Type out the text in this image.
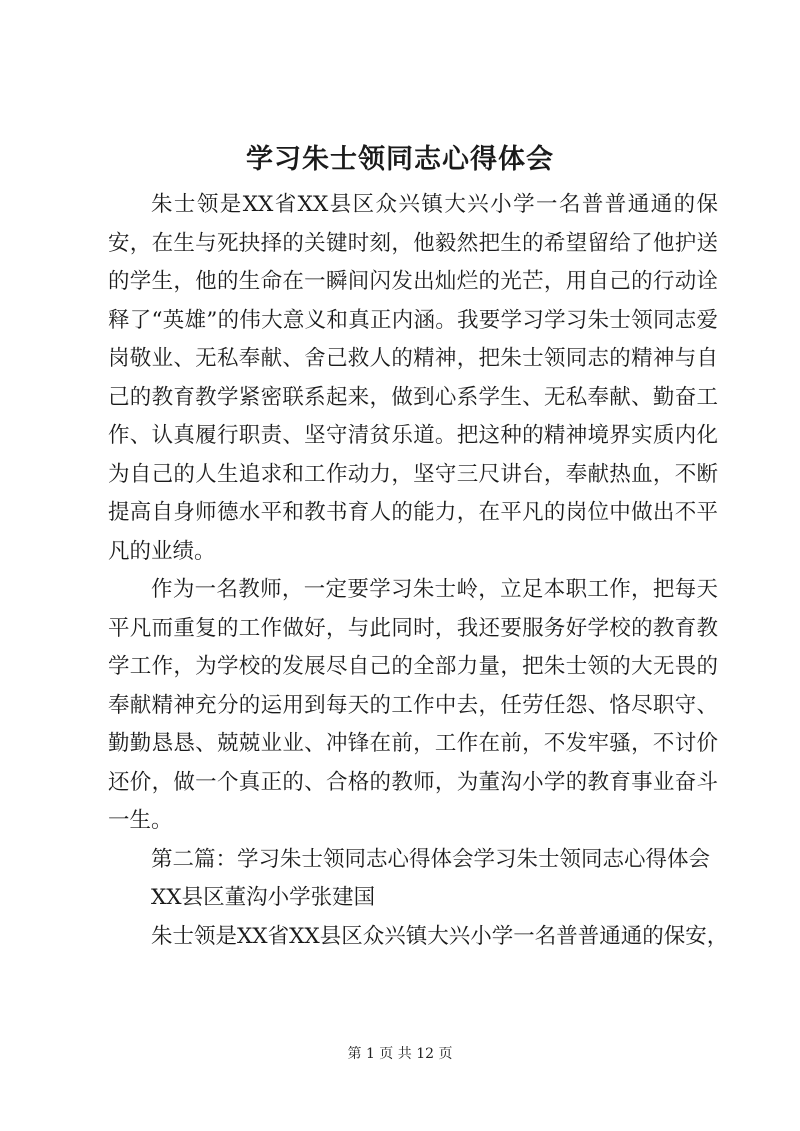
学习朱士领同志心得体会

朱士领是XX省XX县区众兴镇大兴小学一名普普通通的保安，在生与死抉择的关键时刻，他毅然把生的希望留给了他护送的学生，他的生命在一瞬间闪发出灿烂的光芒，用自己的行动诠释了“英雄”的伟大意义和真正内涵。我要学习学习朱士领同志爱岗敬业、无私奉献、舍己救人的精神，把朱士领同志的精神与自己的教育教学紧密联系起来，做到心系学生、无私奉献、勤奋工作、认真履行职责、坚守清贫乐道。把这种的精神境界实质内化为自己的人生追求和工作动力，坚守三尺讲台，奉献热血，不断提高自身师德水平和教书育人的能力，在平凡的岗位中做出不平凡的业绩。

作为一名教师，一定要学习朱士岭，立足本职工作，把每天平凡而重复的工作做好，与此同时，我还要服务好学校的教育教学工作，为学校的发展尽自己的全部力量，把朱士领的大无畏的奉献精神充分的运用到每天的工作中去，任劳任怨、恪尽职守、勤勤恳恳、兢兢业业、冲锋在前，工作在前，不发牢骚，不讨价还价，做一个真正的、合格的教师，为董沟小学的教育事业奋斗一生。

第二篇：学习朱士领同志心得体会学习朱士领同志心得体会

XX县区董沟小学张建国

朱士领是XX省XX县区众兴镇大兴小学一名普普通通的保安，

第 1 页 共 12 页
